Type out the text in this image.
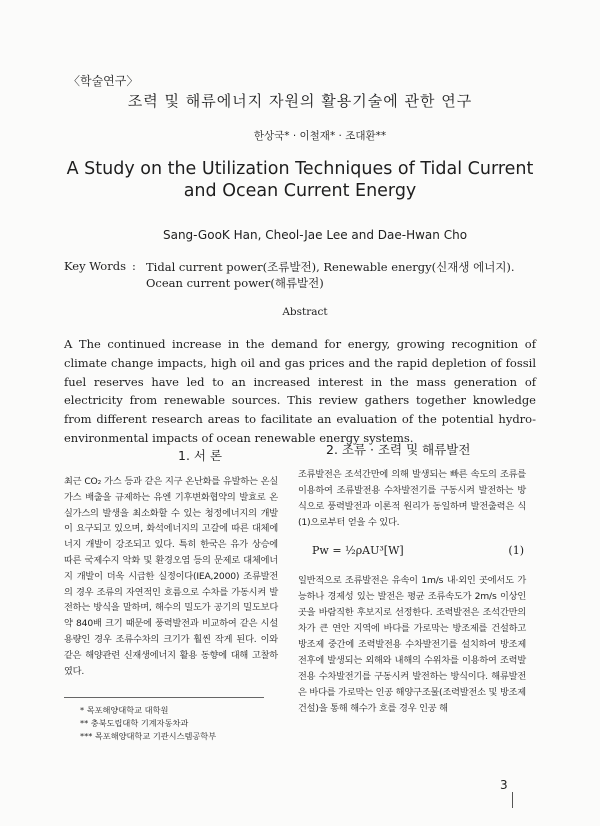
〈학술연구〉
조력 및 해류에너지 자원의 활용기술에 관한 연구
한상국* · 이철재* · 조대환**
A Study on the Utilization Techniques of Tidal Current
and Ocean Current Energy
Sang-GooK Han, Cheol-Jae Lee and Dae-Hwan Cho
Key Words : Tidal current power(조류발전), Renewable energy(신재생 에너지).
Ocean current power(해류발전)
Abstract

A The continued increase in the demand for energy, growing recognition of climate change impacts, high oil and gas prices and the rapid depletion of fossil fuel reserves have led to an increased interest in the mass generation of electricity from renewable sources. This review gathers together knowledge from different research areas to facilitate an evaluation of the potential hydro-environmental impacts of ocean renewable energy systems.

1. 서 론	2. 조류 · 조력 및 해류발전

최근 CO₂ 가스 등과 같은 지구 온난화를 유발하는 온실가스 배출을 규제하는 유엔 기후변화협약의 발효로 온실가스의 발생을 최소화할 수 있는 청정에너지의 개발이 요구되고 있으며, 화석에너지의 고갈에 따른 대체에너지 개발이 강조되고 있다. 특히 한국은 유가 상승에 따른 국제수지 악화 및 환경오염 등의 문제로 대체에너지 개발이 더욱 시급한 실정이다(IEA,2000) 조류발전의 경우 조류의 자연적인 흐름으로 수차를 가동시켜 발전하는 방식을 말하며, 해수의 밀도가 공기의 밀도보다 약 840배 크기 때문에 풍력발전과 비교하여 같은 시설용량인 경우 조류수차의 크기가 훨씬 작게 된다. 이와 같은 해양관련 신재생에너지 활용 동향에 대해 고찰하였다.

조류발전은 조석간만에 의해 발생되는 빠른 속도의 조류를 이용하여 조류발전용 수차발전기를 구동시켜 발전하는 방식으로 풍력발전과 이론적 원리가 동일하며 발전출력은 식(1)으로부터 얻을 수 있다.

Pw = ½ρAU³[W]	(1)

일반적으로 조류발전은 유속이 1m/s 내·외인 곳에서도 가능하나 경제성 있는 발전은 평균 조류속도가 2m/s 이상인 곳을 바람직한 후보지로 선정한다. 조력발전은 조석간만의 차가 큰 연안 지역에 바다를 가로막는 방조제를 건설하고 방조제 중간에 조력발전용 수차발전기를 설치하여 방조제 전후에 발생되는 외해와 내해의 수위차를 이용하여 조력발전용 수차발전기를 구동시켜 발전하는 방식이다. 해류발전은 바다를 가로막는 인공 해양구조물(조력발전소 및 방조제 건설)을 통해 해수가 흐를 경우 인공 해

* 목포해양대학교 대학원
** 충북도립대학 기계자동차과
*** 목포해양대학교 기관시스템공학부
3
